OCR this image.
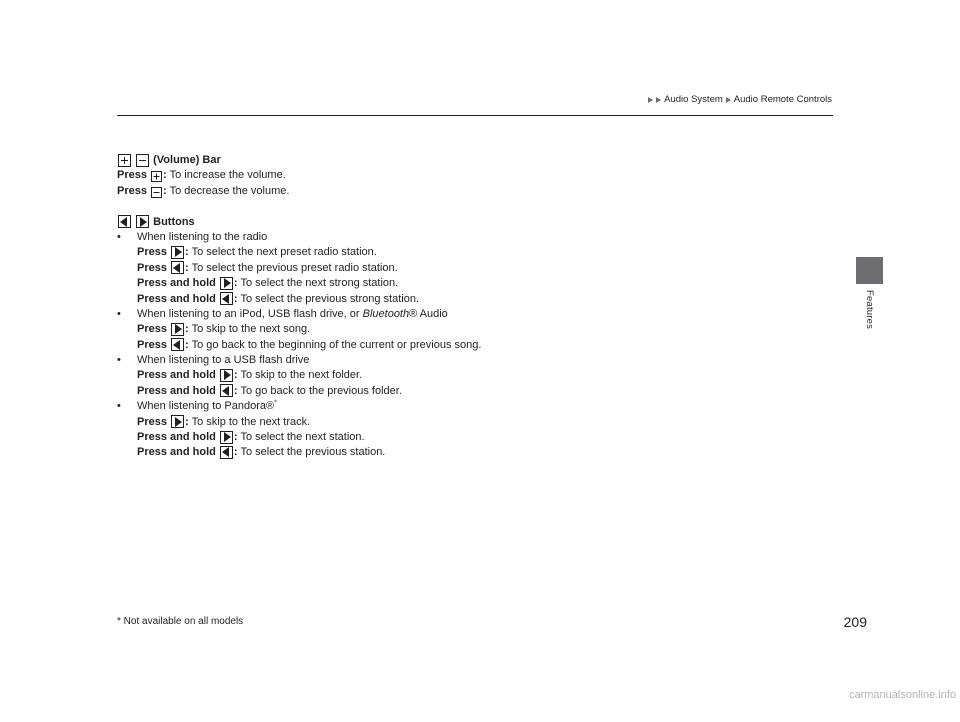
Audio System Audio Remote Controls
Features

(Volume) Bar
Press : To increase the volume.
Press : To decrease the volume.

Buttons
• When listening to the radio
Press : To select the next preset radio station.
Press : To select the previous preset radio station.
Press and hold : To select the next strong station.
Press and hold : To select the previous strong station.
• When listening to an iPod, USB flash drive, or Bluetooth® Audio
Press : To skip to the next song.
Press : To go back to the beginning of the current or previous song.
• When listening to a USB flash drive
Press and hold : To skip to the next folder.
Press and hold : To go back to the previous folder.
• When listening to Pandora®*
Press : To skip to the next track.
Press and hold : To select the next station.
Press and hold : To select the previous station.
* Not available on all models	209
carmanualsonline.info
